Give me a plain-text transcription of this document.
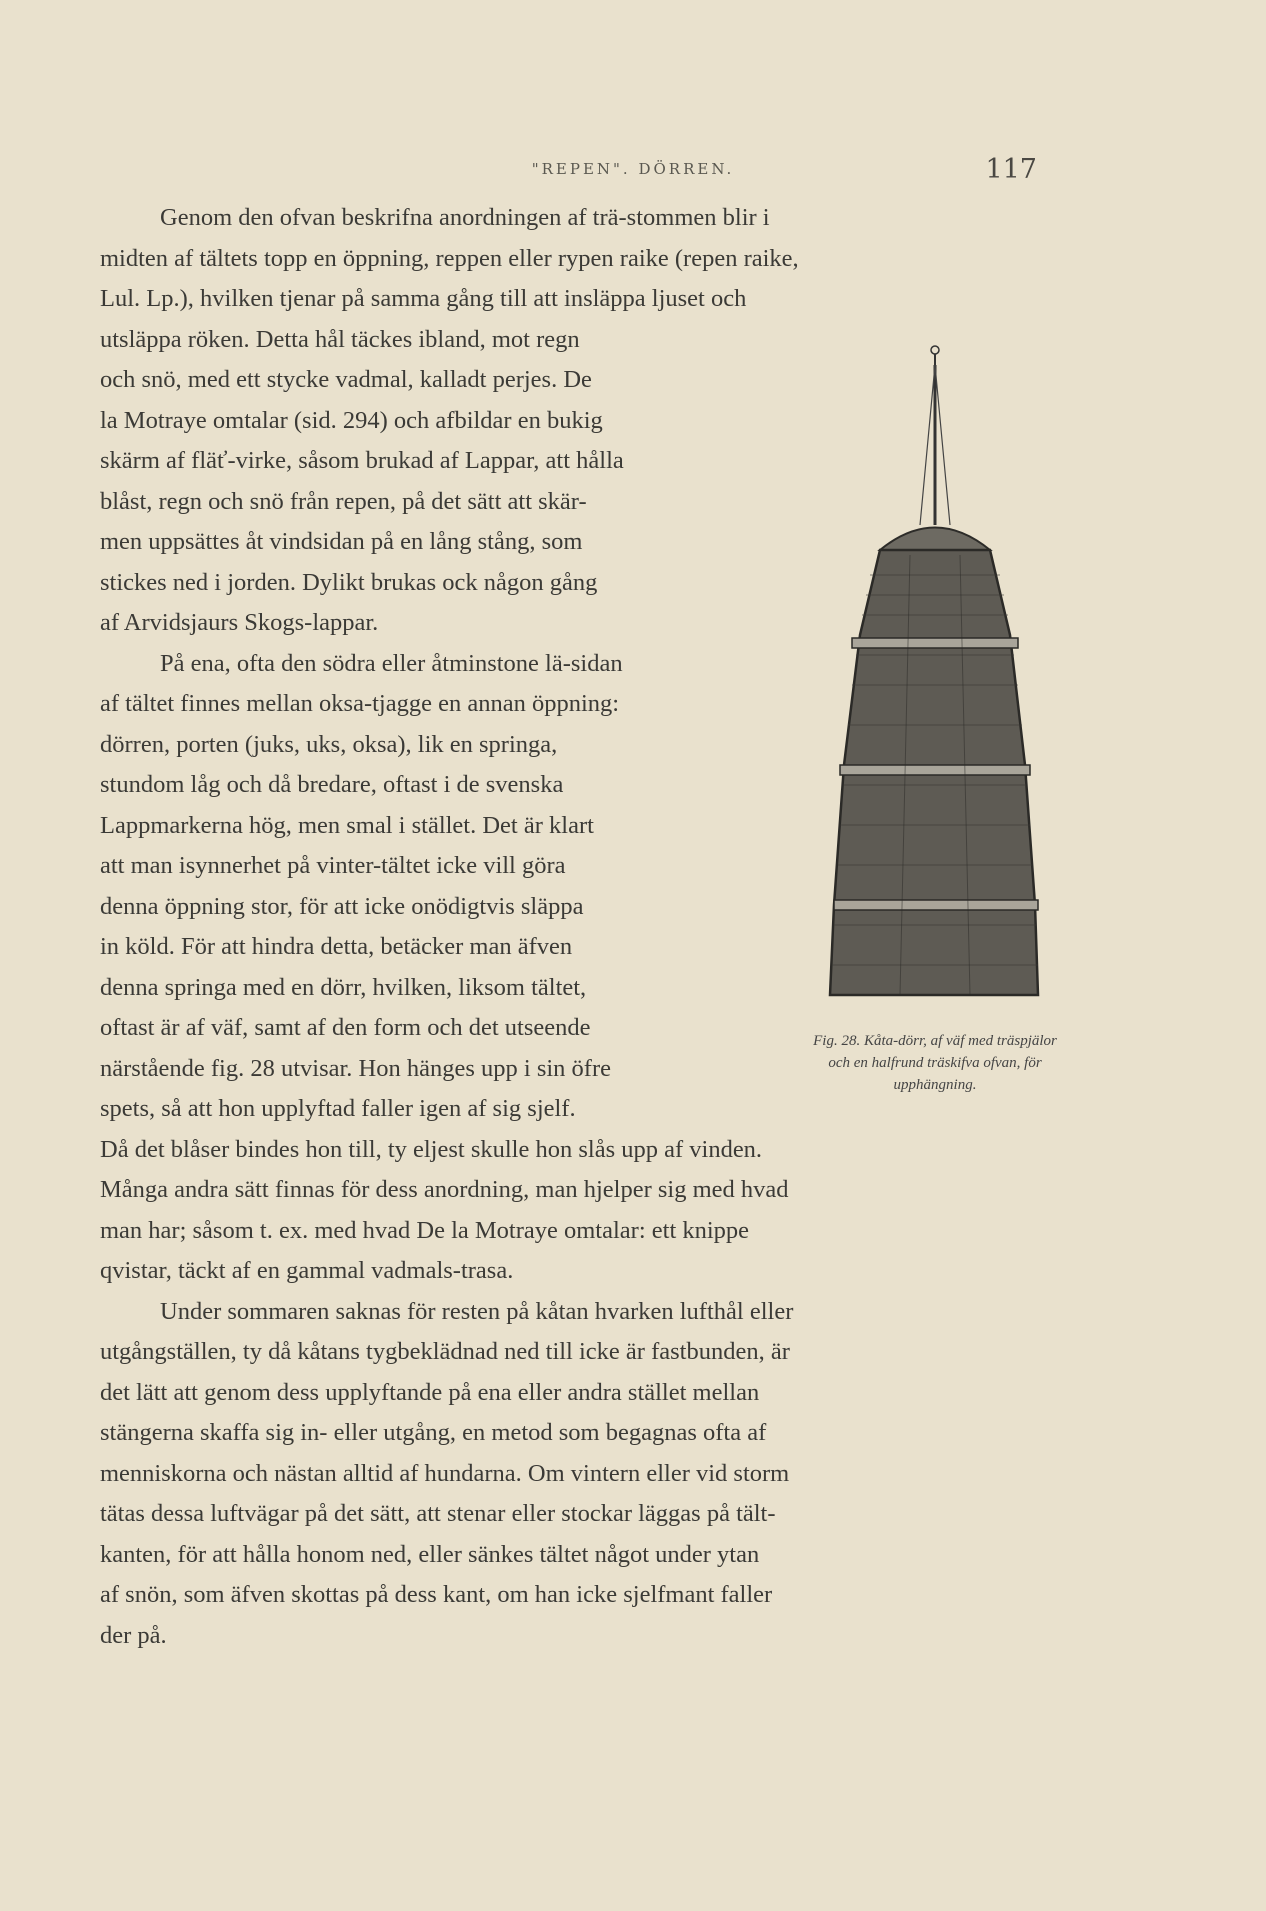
"REPEN". DÖRREN.	117
Genom den ofvan beskrifna anordningen af trä-stommen blir i
midten af tältets topp en öppning, reppen eller rypen raike (repen raike,
Lul. Lp.), hvilken tjenar på samma gång till att insläppa ljuset och
utsläppa röken. Detta hål täckes ibland, mot regn
och snö, med ett stycke vadmal, kalladt perjes. De
la Motraye omtalar (sid. 294) och afbildar en bukig
skärm af fläť-virke, såsom brukad af Lappar, att hålla
blåst, regn och snö från repen, på det sätt att skär-
men uppsättes åt vindsidan på en lång stång, som
stickes ned i jorden. Dylikt brukas ock någon gång
af Arvidsjaurs Skogs-lappar.
På ena, ofta den södra eller åtminstone lä-sidan
af tältet finnes mellan oksa-tjagge en annan öppning:
dörren, porten (juks, uks, oksa), lik en springa,
stundom låg och då bredare, oftast i de svenska
Lappmarkerna hög, men smal i stället. Det är klart
att man isynnerhet på vinter-tältet icke vill göra
denna öppning stor, för att icke onödigtvis släppa
in köld. För att hindra detta, betäcker man äfven
denna springa med en dörr, hvilken, liksom tältet,
oftast är af väf, samt af den form och det utseende
närstående fig. 28 utvisar. Hon hänges upp i sin öfre
spets, så att hon upplyftad faller igen af sig sjelf.
Då det blåser bindes hon till, ty eljest skulle hon slås upp af vinden.
Många andra sätt finnas för dess anordning, man hjelper sig med hvad
man har; såsom t. ex. med hvad De la Motraye omtalar: ett knippe
qvistar, täckt af en gammal vadmals-trasa.
Under sommaren saknas för resten på kåtan hvarken lufthål eller
utgångställen, ty då kåtans tygbeklädnad ned till icke är fastbunden, är
det lätt att genom dess upplyftande på ena eller andra stället mellan
stängerna skaffa sig in- eller utgång, en metod som begagnas ofta af
menniskorna och nästan alltid af hundarna. Om vintern eller vid storm
tätas dessa luftvägar på det sätt, att stenar eller stockar läggas på tält-
kanten, för att hålla honom ned, eller sänkes tältet något under ytan
af snön, som äfven skottas på dess kant, om han icke sjelfmant faller
der på.
Fig. 28. Kåta-dörr, af väf med träspjälor och en halfrund träskifva ofvan, för upphängning.
